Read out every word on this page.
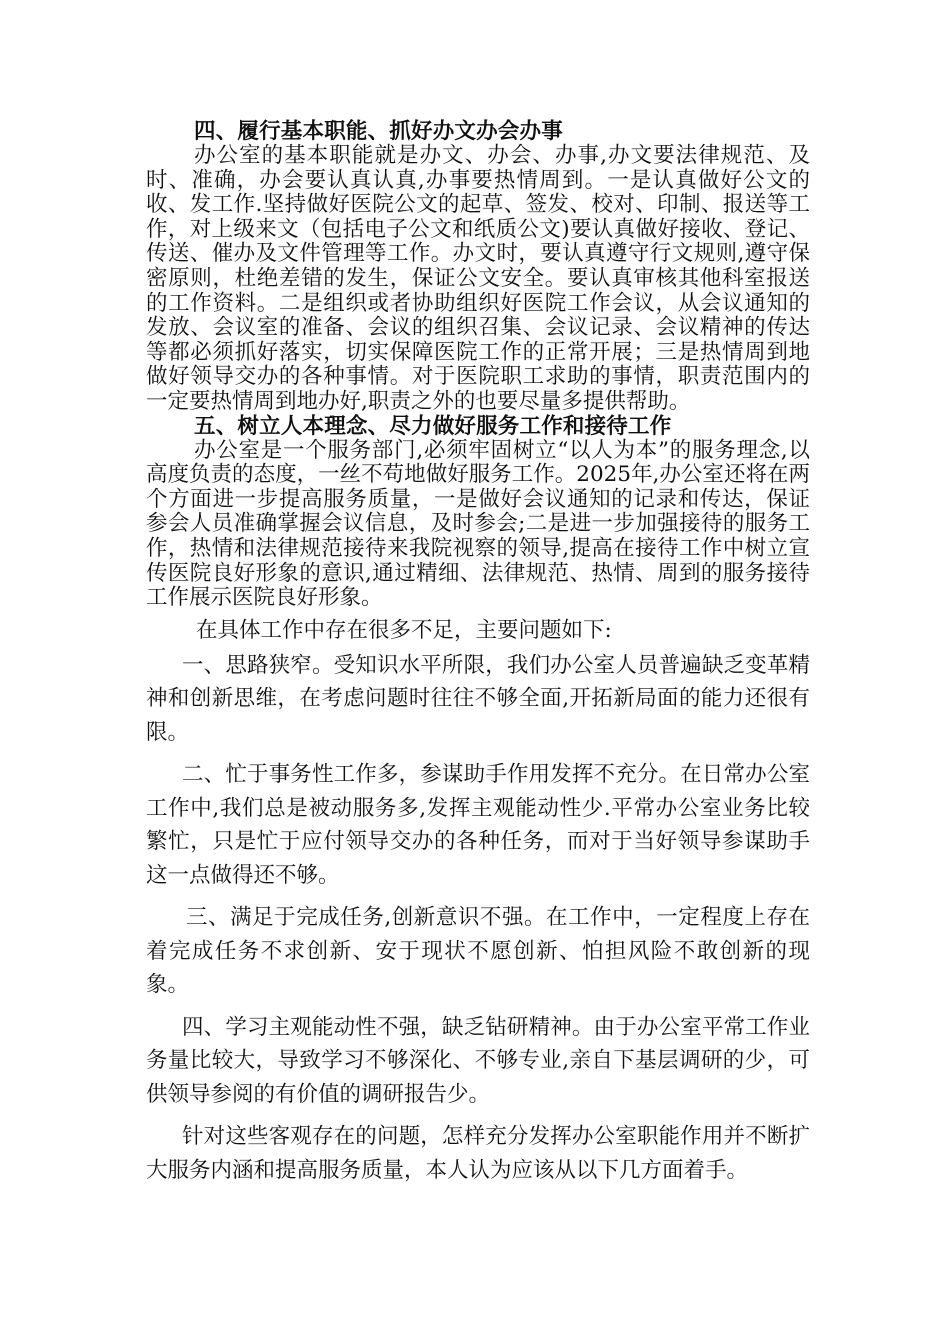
四、履行基本职能、抓好办文办会办事

办公室的基本职能就是办文、办会、办事,办文要法律规范、及时、准确，办会要认真认真,办事要热情周到。一是认真做好公文的收、发工作.坚持做好医院公文的起草、签发、校对、印制、报送等工作，对上级来文（包括电子公文和纸质公文)要认真做好接收、登记、传送、催办及文件管理等工作。办文时，要认真遵守行文规则,遵守保密原则，杜绝差错的发生，保证公文安全。要认真审核其他科室报送的工作资料。二是组织或者协助组织好医院工作会议，从会议通知的发放、会议室的准备、会议的组织召集、会议记录、会议精神的传达等都必须抓好落实，切实保障医院工作的正常开展；三是热情周到地做好领导交办的各种事情。对于医院职工求助的事情，职责范围内的一定要热情周到地办好,职责之外的也要尽量多提供帮助。

五、树立人本理念、尽力做好服务工作和接待工作

办公室是一个服务部门,必须牢固树立“以人为本”的服务理念,以高度负责的态度，一丝不苟地做好服务工作。2025年,办公室还将在两个方面进一步提高服务质量，一是做好会议通知的记录和传达，保证参会人员准确掌握会议信息，及时参会;二是进一步加强接待的服务工作，热情和法律规范接待来我院视察的领导,提高在接待工作中树立宣传医院良好形象的意识,通过精细、法律规范、热情、周到的服务接待工作展示医院良好形象。

在具体工作中存在很多不足，主要问题如下:

一、思路狭窄。受知识水平所限，我们办公室人员普遍缺乏变革精神和创新思维，在考虑问题时往往不够全面,开拓新局面的能力还很有限。

二、忙于事务性工作多，参谋助手作用发挥不充分。在日常办公室工作中,我们总是被动服务多,发挥主观能动性少.平常办公室业务比较繁忙，只是忙于应付领导交办的各种任务，而对于当好领导参谋助手这一点做得还不够。

三、满足于完成任务,创新意识不强。在工作中，一定程度上存在着完成任务不求创新、安于现状不愿创新、怕担风险不敢创新的现象。

四、学习主观能动性不强，缺乏钻研精神。由于办公室平常工作业务量比较大，导致学习不够深化、不够专业,亲自下基层调研的少，可供领导参阅的有价值的调研报告少。

针对这些客观存在的问题，怎样充分发挥办公室职能作用并不断扩大服务内涵和提高服务质量，本人认为应该从以下几方面着手。
